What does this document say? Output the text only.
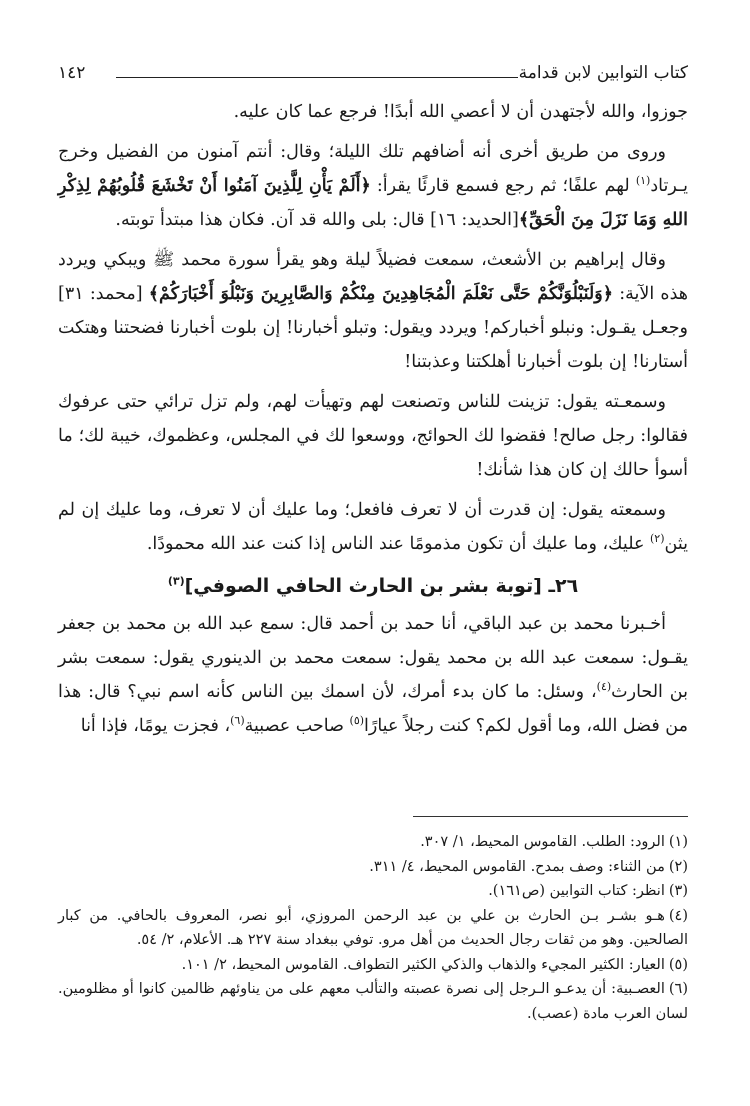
كتاب التوابين لابن قدامة
١٤٢

جوزوا، والله لأجتهدن أن لا أعصي الله أبدًا! فرجع عما كان عليه.

وروى من طريق أخرى أنه أضافهم تلك الليلة؛ وقال: أنتم آمنون من الفضيل وخرج يـرتاد$^{(١)}$ لهم علفًا؛ ثم رجع فسمع قارئًا يقرأ: ﴿أَلَمْ يَأْنِ لِلَّذِينَ آمَنُوا أَنْ تَخْشَعَ قُلُوبُهُمْ لِذِكْرِ اللهِ وَمَا نَزَلَ مِنَ الْحَقِّ﴾[الحديد: ١٦] قال: بلى والله قد آن. فكان هذا مبتدأ توبته.

وقال إبراهيم بن الأشعث، سمعت فضيلاً ليلة وهو يقرأ سورة محمد ﷺ ويبكي ويردد هذه الآية: ﴿وَلَنَبْلُوَنَّكُمْ حَتَّى نَعْلَمَ الْمُجَاهِدِينَ مِنْكُمْ وَالصَّابِرِينَ وَنَبْلُوَ أَخْبَارَكُمْ﴾ [محمد: ٣١] وجعـل يقـول: ونبلو أخباركم! ويردد ويقول: وتبلو أخبارنا! إن بلوت أخبارنا فضحتنا وهتكت أستارنا! إن بلوت أخبارنا أهلكتنا وعذبتنا!

وسمعـته يقول: تزينت للناس وتصنعت لهم وتهيأت لهم، ولم تزل ترائي حتى عرفوك فقالوا: رجل صالح! فقضوا لك الحوائج، ووسعوا لك في المجلس، وعظموك، خيبة لك؛ ما أسوأ حالك إن كان هذا شأنك!

وسمعته يقول: إن قدرت أن لا تعرف فافعل؛ وما عليك أن لا تعرف، وما عليك إن لم يثن$^{(٢)}$ عليك، وما عليك أن تكون مذمومًا عند الناس إذا كنت عند الله محمودًا.

٢٦ـ [توبة بشر بن الحارث الحافي الصوفي]$^{(٣)}$

أخـبرنا محمد بن عبد الباقي، أنا حمد بن أحمد قال: سمع عبد الله بن محمد بن جعفر يقـول: سمعت عبد الله بن محمد يقول: سمعت محمد بن الدينوري يقول: سمعت بشر بن الحارث$^{(٤)}$، وسئل: ما كان بدء أمرك، لأن اسمك بين الناس كأنه اسم نبي؟ قال: هذا من فضل الله، وما أقول لكم؟ كنت رجلاً عيارًا$^{(٥)}$ صاحب عصبية$^{(٦)}$، فجزت يومًا، فإذا أنا

(١)الرود: الطلب. القاموس المحيط، ١/ ٣٠٧.

(٢)من الثناء: وصف بمدح. القاموس المحيط، ٤/ ٣١١.

(٣)انظر: كتاب التوابين (ص١٦١).

(٤)هـو بشـر بـن الحارث بن علي بن عبد الرحمن المروزي، أبو نصر، المعروف بالحافي. من كبار الصالحين. وهو من ثقات رجال الحديث من أهل مرو. توفي ببغداد سنة ٢٢٧ هـ. الأعلام، ٢/ ٥٤.

(٥)العيار: الكثير المجيء والذهاب والذكي الكثير التطواف. القاموس المحيط، ٢/ ١٠١.

(٦)العصـبية: أن يدعـو الـرجل إلى نصرة عصبته والتألب معهم على من يناوئهم ظالمين كانوا أو مظلومين. لسان العرب مادة (عصب).
